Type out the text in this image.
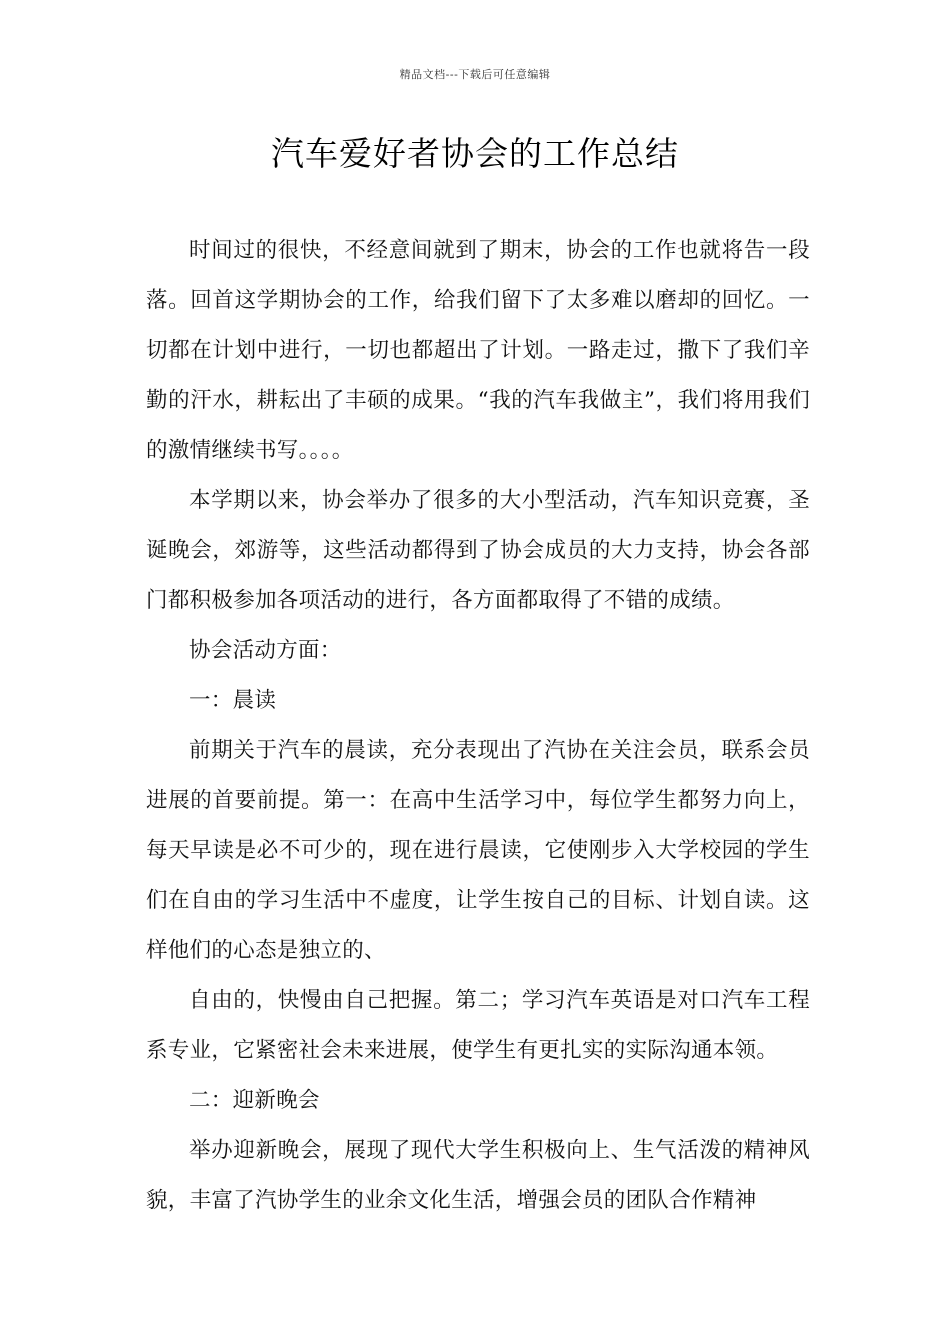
精品文档---下载后可任意编辑
汽车爱好者协会的工作总结

时间过的很快，不经意间就到了期末，协会的工作也就将告一段落。回首这学期协会的工作，给我们留下了太多难以磨却的回忆。一切都在计划中进行，一切也都超出了计划。一路走过，撒下了我们辛勤的汗水，耕耘出了丰硕的成果。“我的汽车我做主”，我们将用我们的激情继续书写。。。。

本学期以来，协会举办了很多的大小型活动，汽车知识竞赛，圣诞晚会，郊游等，这些活动都得到了协会成员的大力支持，协会各部门都积极参加各项活动的进行，各方面都取得了不错的成绩。

协会活动方面：

一：晨读

前期关于汽车的晨读，充分表现出了汽协在关注会员，联系会员进展的首要前提。第一：在高中生活学习中，每位学生都努力向上，每天早读是必不可少的，现在进行晨读，它使刚步入大学校园的学生们在自由的学习生活中不虚度，让学生按自己的目标、计划自读。这样他们的心态是独立的、

自由的，快慢由自己把握。第二；学习汽车英语是对口汽车工程系专业，它紧密社会未来进展，使学生有更扎实的实际沟通本领。

二：迎新晚会

举办迎新晚会，展现了现代大学生积极向上、生气活泼的精神风貌，丰富了汽协学生的业余文化生活，增强会员的团队合作精神
